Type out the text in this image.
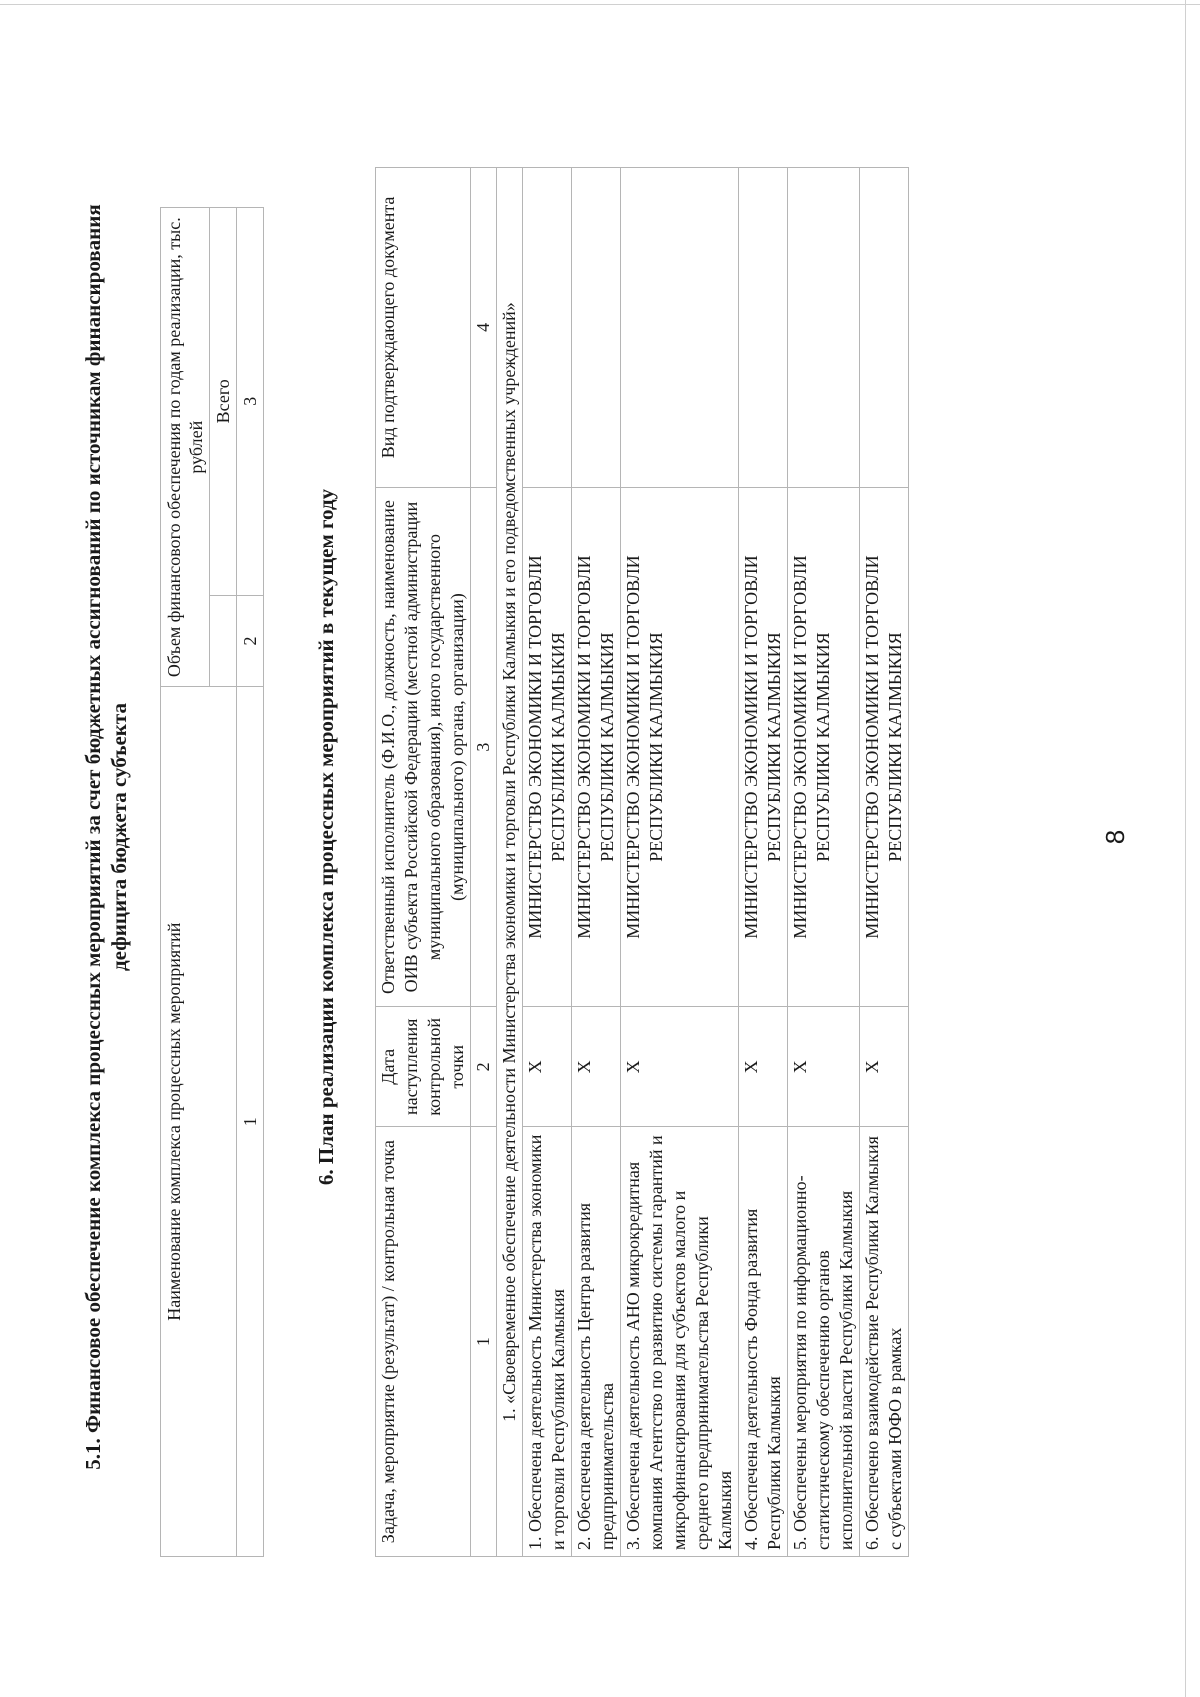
5.1. Финансовое обеспечение комплекса процессных мероприятий за счет бюджетных ассигнований по источникам финансирования дефицита бюджета субъекта

Наименование комплекса процессных мероприятий	Объем финансового обеспечения по годам реализации, тыс. рублей	
		Всего
1	2	3

6. План реализации комплекса процессных мероприятий в текущем году

Задача, мероприятие (результат) / контрольная точка	Дата наступления контрольной точки	Ответственный исполнитель (Ф.И.О., должность, наименование ОИВ субъекта Российской Федерации (местной администрации муниципального образования), иного государственного (муниципального) органа, организации)	Вид подтверждающего документа
1	2	3	4
1. «Своевременное обеспечение деятельности Министерства экономики и торговли Республики Калмыкия и его подведомственных учреждений»			
1. Обеспечена деятельность Министерства экономики и торговли Республики Калмыкия	X	МИНИСТЕРСТВО ЭКОНОМИКИ И ТОРГОВЛИ РЕСПУБЛИКИ КАЛМЫКИЯ	
2. Обеспечена деятельность Центра развития предпринимательства	X	МИНИСТЕРСТВО ЭКОНОМИКИ И ТОРГОВЛИ РЕСПУБЛИКИ КАЛМЫКИЯ	
3. Обеспечена деятельность АНО микрокредитная компания Агентство по развитию системы гарантий и микрофинансирования для субъектов малого и среднего предпринимательства Республики Калмыкия	X	МИНИСТЕРСТВО ЭКОНОМИКИ И ТОРГОВЛИ РЕСПУБЛИКИ КАЛМЫКИЯ	
4. Обеспечена деятельность Фонда развития Республики Калмыкия	X	МИНИСТЕРСТВО ЭКОНОМИКИ И ТОРГОВЛИ РЕСПУБЛИКИ КАЛМЫКИЯ	
5. Обеспечены мероприятия по информационно-статистическому обеспечению органов исполнительной власти Республики Калмыкия	X	МИНИСТЕРСТВО ЭКОНОМИКИ И ТОРГОВЛИ РЕСПУБЛИКИ КАЛМЫКИЯ	
6. Обеспечено взаимодействие Республики Калмыкия с субъектами ЮФО в рамках	X	МИНИСТЕРСТВО ЭКОНОМИКИ И ТОРГОВЛИ РЕСПУБЛИКИ КАЛМЫКИЯ		8
